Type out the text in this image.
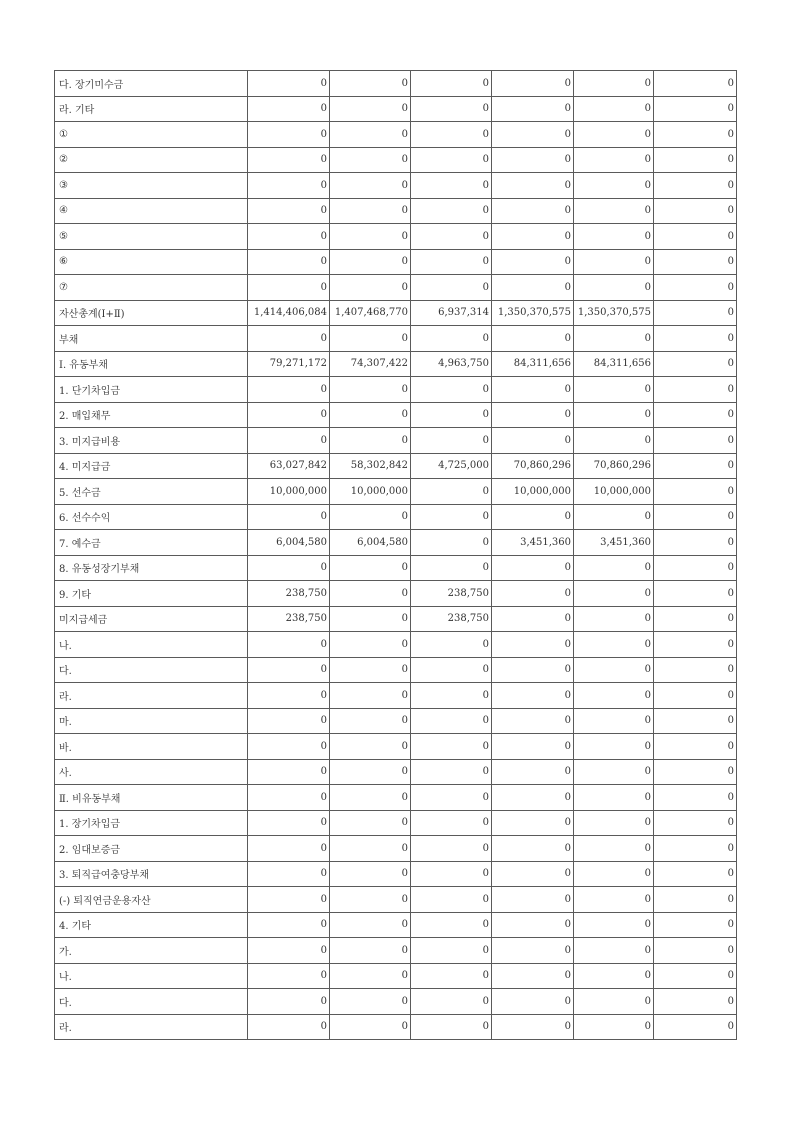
다. 장기미수금	0	0	0	0	0	0
라. 기타	0	0	0	0	0	0
①	0	0	0	0	0	0
②	0	0	0	0	0	0
③	0	0	0	0	0	0
④	0	0	0	0	0	0
⑤	0	0	0	0	0	0
⑥	0	0	0	0	0	0
⑦	0	0	0	0	0	0
자산총계(Ⅰ+Ⅱ)	1,414,406,084	1,407,468,770	6,937,314	1,350,370,575	1,350,370,575	0
부채	0	0	0	0	0	0
Ⅰ. 유동부채	79,271,172	74,307,422	4,963,750	84,311,656	84,311,656	0
1. 단기차입금	0	0	0	0	0	0
2. 매입채무	0	0	0	0	0	0
3. 미지급비용	0	0	0	0	0	0
4. 미지급금	63,027,842	58,302,842	4,725,000	70,860,296	70,860,296	0
5. 선수금	10,000,000	10,000,000	0	10,000,000	10,000,000	0
6. 선수수익	0	0	0	0	0	0
7. 예수금	6,004,580	6,004,580	0	3,451,360	3,451,360	0
8. 유동성장기부채	0	0	0	0	0	0
9. 기타	238,750	0	238,750	0	0	0
미지급세금	238,750	0	238,750	0	0	0
나.	0	0	0	0	0	0
다.	0	0	0	0	0	0
라.	0	0	0	0	0	0
마.	0	0	0	0	0	0
바.	0	0	0	0	0	0
사.	0	0	0	0	0	0
Ⅱ. 비유동부채	0	0	0	0	0	0
1. 장기차입금	0	0	0	0	0	0
2. 임대보증금	0	0	0	0	0	0
3. 퇴직급여충당부채	0	0	0	0	0	0
(-) 퇴직연금운용자산	0	0	0	0	0	0
4. 기타	0	0	0	0	0	0
가.	0	0	0	0	0	0
나.	0	0	0	0	0	0
다.	0	0	0	0	0	0
라.	0	0	0	0	0	0
